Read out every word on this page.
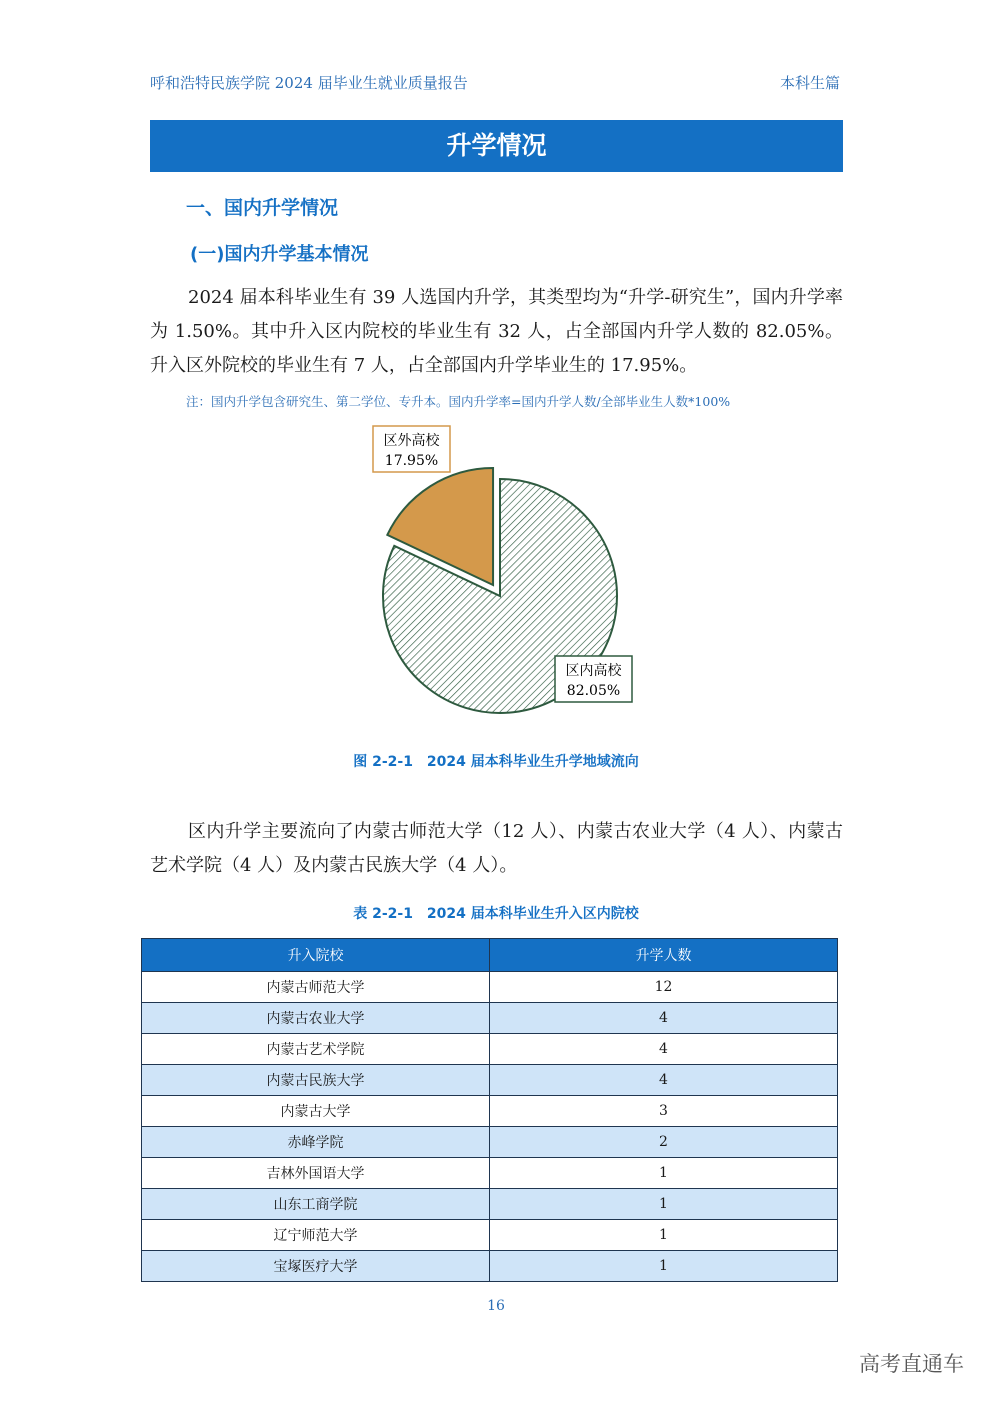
呼和浩特民族学院 2024 届毕业生就业质量报告	本科生篇
升学情况
一、国内升学情况
(一)国内升学基本情况
2024 届本科毕业生有 39 人选国内升学，其类型均为“升学-研究生”，国内升学率为 1.50%。其中升入区内院校的毕业生有 32 人，占全部国内升学人数的 82.05%。升入区外院校的毕业生有 7 人，占全部国内升学毕业生的 17.95%。
注：国内升学包含研究生、第二学位、专升本。国内升学率=国内升学人数/全部毕业生人数*100%
区外高校
17.95%
区内高校
82.05%
图 2-2-1　2024 届本科毕业生升学地域流向
区内升学主要流向了内蒙古师范大学（12 人）、内蒙古农业大学（4 人）、内蒙古艺术学院（4 人）及内蒙古民族大学（4 人）。
表 2-2-1　2024 届本科毕业生升入区内院校
升入院校	升学人数
内蒙古师范大学	12
内蒙古农业大学	4
内蒙古艺术学院	4
内蒙古民族大学	4
内蒙古大学	3
赤峰学院	2
吉林外国语大学	1
山东工商学院	1
辽宁师范大学	1
宝塚医疗大学	1
16
高考直通车
